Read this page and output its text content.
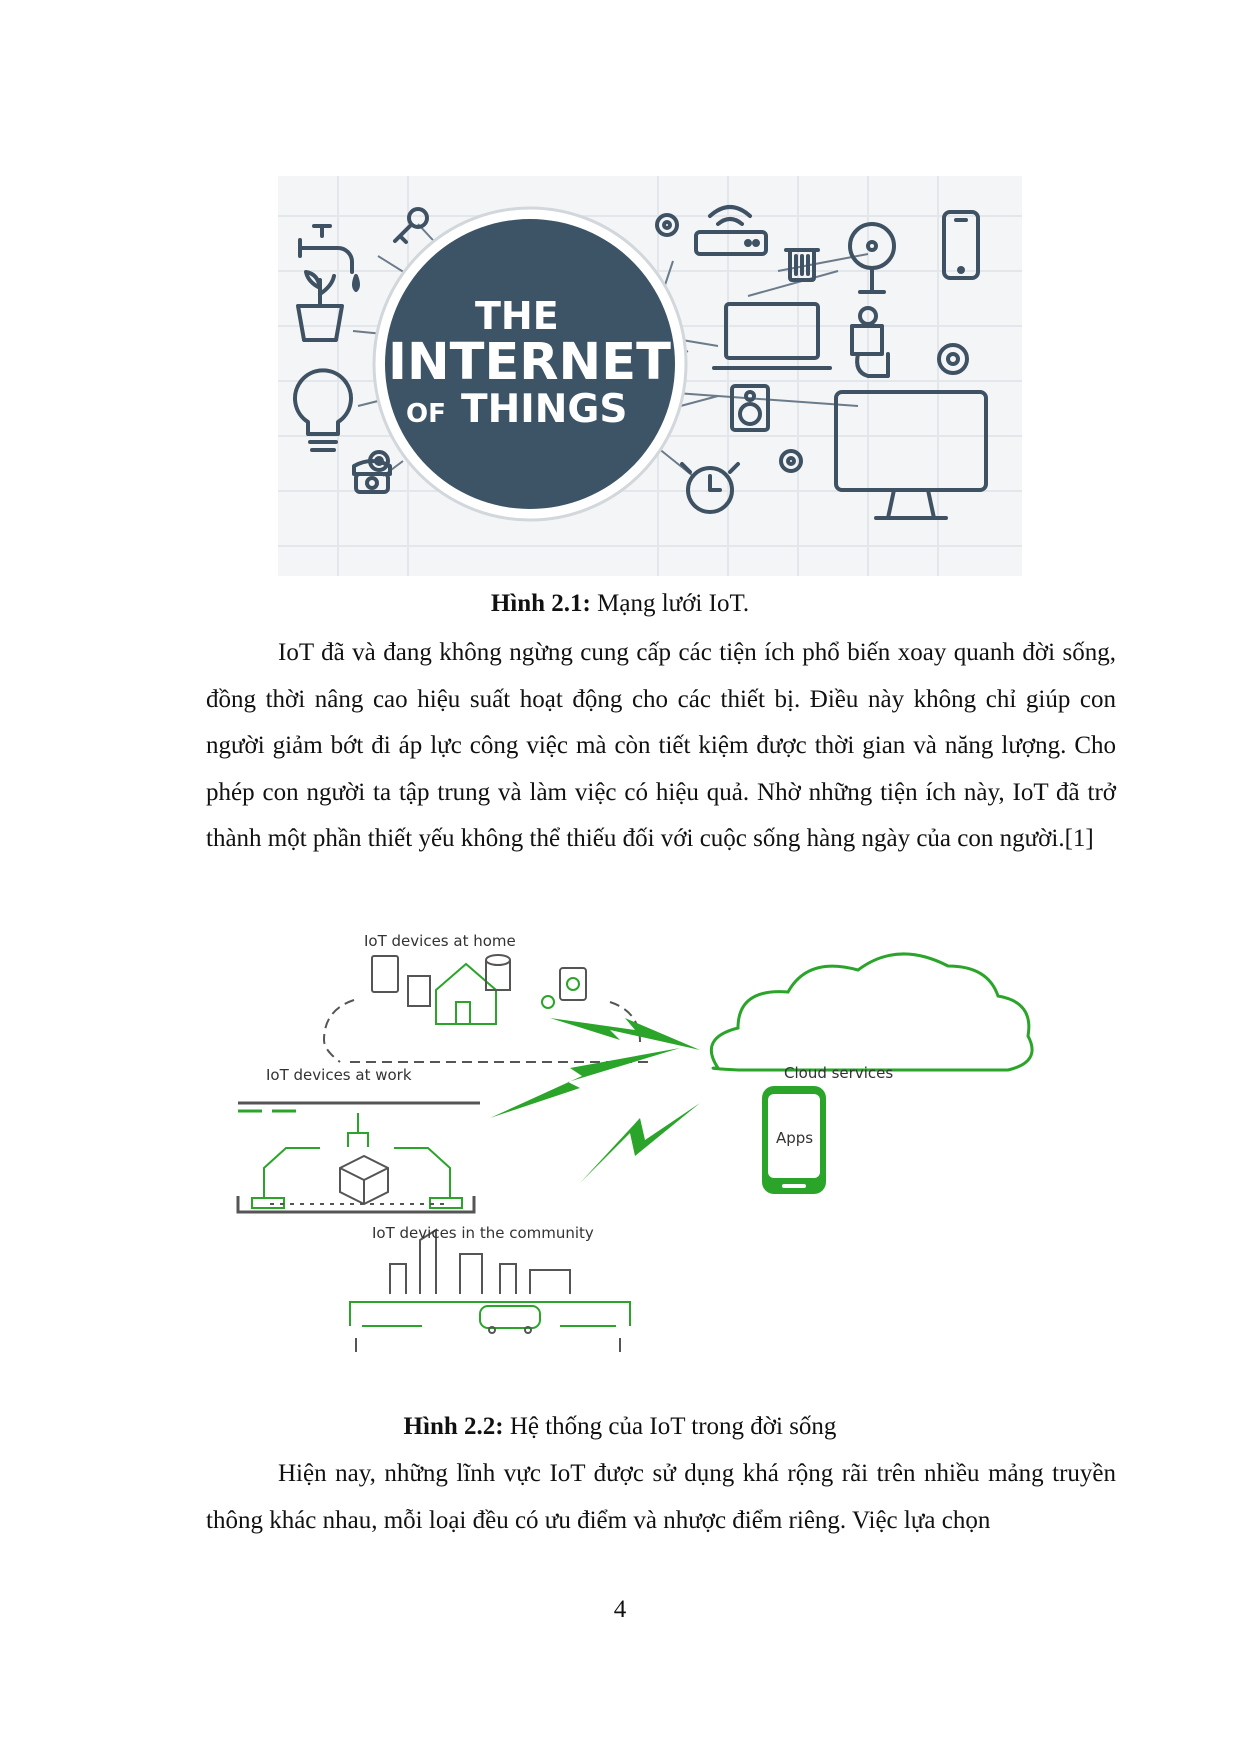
THE
INTERNET
OF THINGS
Hình 2.1: Mạng lưới IoT.

IoT đã và đang không ngừng cung cấp các tiện ích phổ biến xoay quanh đời sống, đồng thời nâng cao hiệu suất hoạt động cho các thiết bị. Điều này không chỉ giúp con người giảm bớt đi áp lực công việc mà còn tiết kiệm được thời gian và năng lượng. Cho phép con người ta tập trung và làm việc có hiệu quả. Nhờ những tiện ích này, IoT đã trở thành một phần thiết yếu không thể thiếu đối với cuộc sống hàng ngày của con người.[1]

IoT devices at home
IoT devices at work
IoT devices in the community
Cloud services
Apps
Hình 2.2: Hệ thống của IoT trong đời sống

Hiện nay, những lĩnh vực IoT được sử dụng khá rộng rãi trên nhiều mảng truyền thông khác nhau, mỗi loại đều có ưu điểm và nhược điểm riêng. Việc lựa chọn

4
